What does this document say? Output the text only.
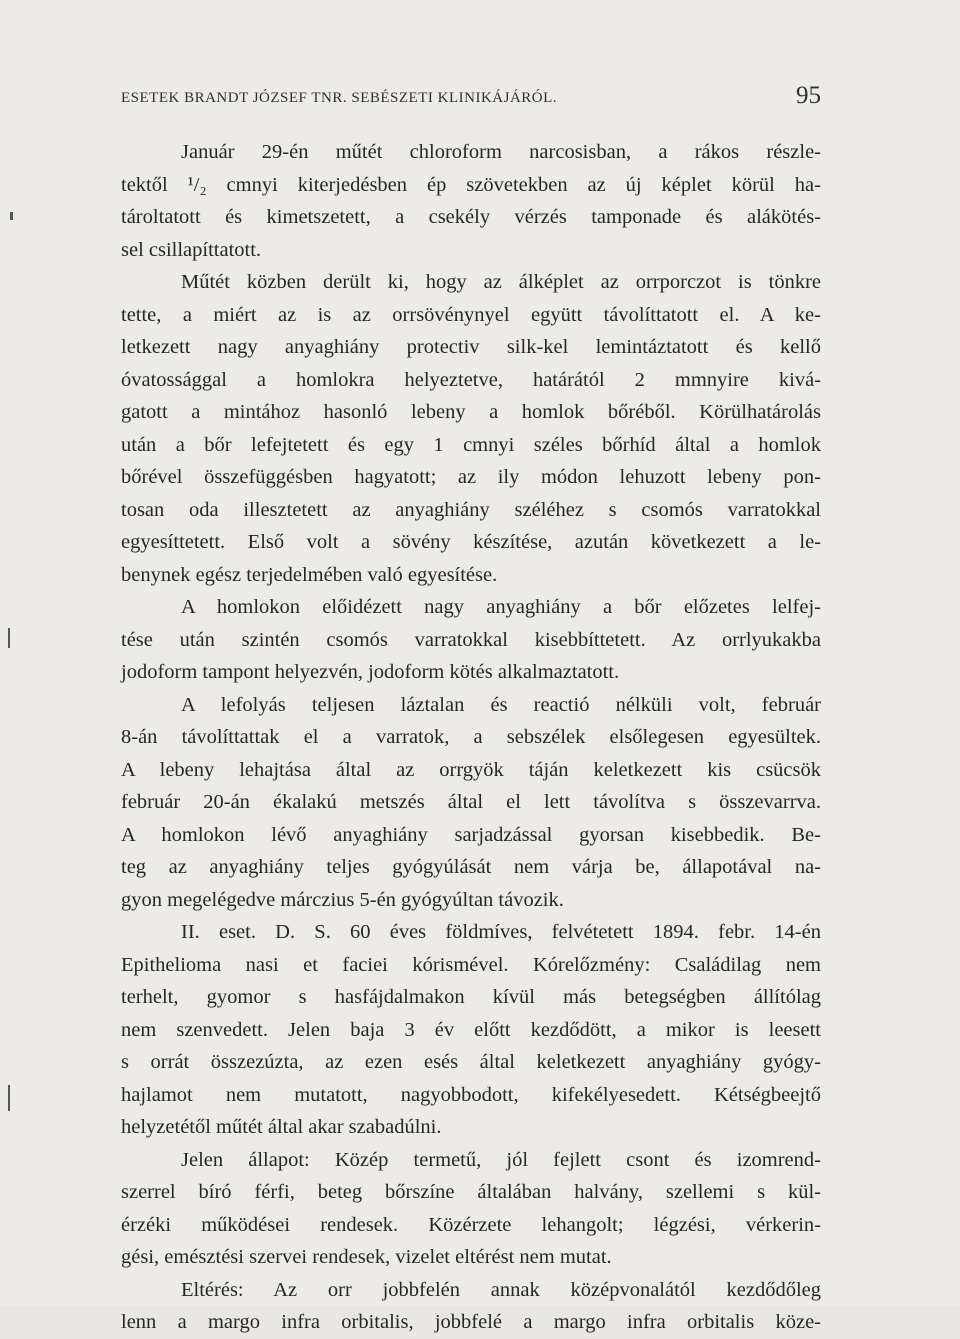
ESETEK BRANDT JÓZSEF TNR. SEBÉSZETI KLINIKÁJÁRÓL.	95
Január 29-én műtét chloroform narcosisban, a rákos részle-
tektől ¹/₂ cmnyi kiterjedésben ép szövetekben az új képlet körül ha-
tároltatott és kimetszetett, a csekély vérzés tamponade és alákötés-
sel csillapíttatott.
Műtét közben derült ki, hogy az álképlet az orrporczot is tönkre
tette, a miért az is az orrsövénynyel együtt távolíttatott el. A ke-
letkezett nagy anyaghiány protectiv silk-kel lemintáztatott és kellő
óvatossággal a homlokra helyeztetve, határától 2 mmnyire kivá-
gatott a mintához hasonló lebeny a homlok bőréből. Körülhatárolás
után a bőr lefejtetett és egy 1 cmnyi széles bőrhíd által a homlok
bőrével összefüggésben hagyatott; az ily módon lehuzott lebeny pon-
tosan oda illesztetett az anyaghiány széléhez s csomós varratokkal
egyesíttetett. Első volt a sövény készítése, azután következett a le-
benynek egész terjedelmében való egyesítése.
A homlokon előidézett nagy anyaghiány a bőr előzetes lelfej-
tése után szintén csomós varratokkal kisebbíttetett. Az orrlyukakba
jodoform tampont helyezvén, jodoform kötés alkalmaztatott.
A lefolyás teljesen láztalan és reactió nélküli volt, február
8-án távolíttattak el a varratok, a sebszélek elsőlegesen egyesültek.
A lebeny lehajtása által az orrgyök táján keletkezett kis csücsök
február 20-án ékalakú metszés által el lett távolítva s összevarrva.
A homlokon lévő anyaghiány sarjadzással gyorsan kisebbedik. Be-
teg az anyaghiány teljes gyógyúlását nem várja be, állapotával na-
gyon megelégedve márczius 5-én gyógyúltan távozik.
II. eset. D. S. 60 éves földmíves, felvétetett 1894. febr. 14-én
Epithelioma nasi et faciei kórismével. Kórelőzmény: Családilag nem
terhelt, gyomor s hasfájdalmakon kívül más betegségben állítólag
nem szenvedett. Jelen baja 3 év előtt kezdődött, a mikor is leesett
s orrát összezúzta, az ezen esés által keletkezett anyaghiány gyógy-
hajlamot nem mutatott, nagyobbodott, kifekélyesedett. Kétségbeejtő
helyzetétől műtét által akar szabadúlni.
Jelen állapot: Közép termetű, jól fejlett csont és izomrend-
szerrel bíró férfi, beteg bőrszíne általában halvány, szellemi s kül-
érzéki működései rendesek. Közérzete lehangolt; légzési, vérkerin-
gési, emésztési szervei rendesek, vizelet eltérést nem mutat.
Eltérés: Az orr jobbfelén annak középvonalától kezdődőleg
lenn a margo infra orbitalis, jobbfelé a margo infra orbitalis köze-
